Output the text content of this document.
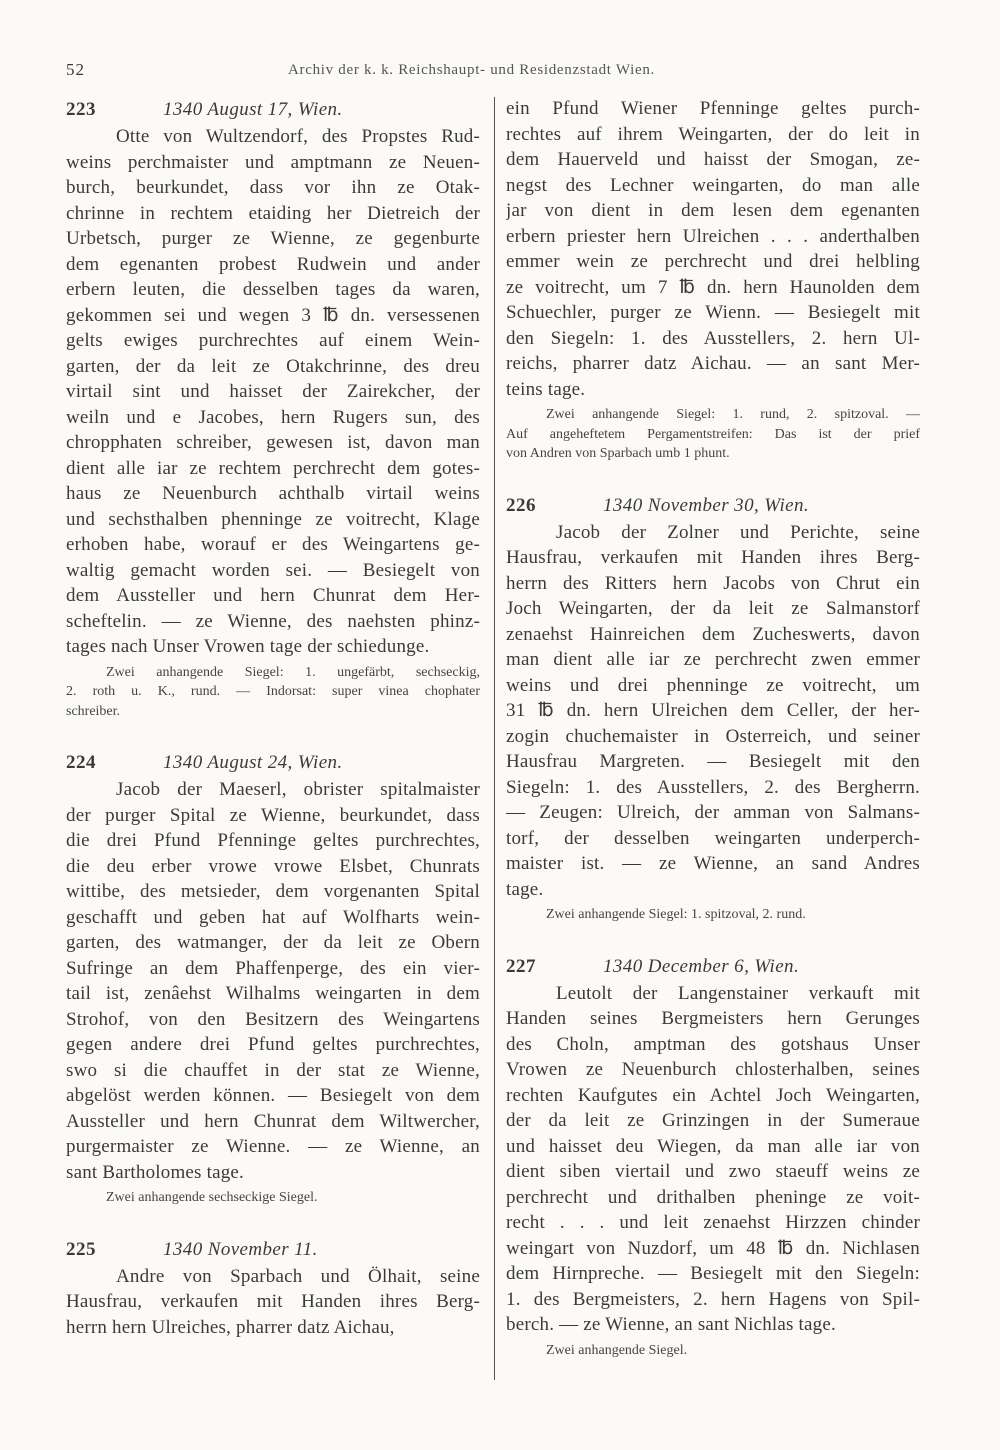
52	Archiv der k. k. Reichshaupt- und Residenzstadt Wien.
223	1340 August 17, Wien.
Otte von Wultzendorf, des Propstes Rud-
weins perchmaister und amptmann ze Neuen-
burch, beurkundet, dass vor ihn ze Otak-
chrinne in rechtem etaiding her Dietreich der
Urbetsch, purger ze Wienne, ze gegenburte
dem egenanten probest Rudwein und ander
erbern leuten, die desselben tages da waren,
gekommen sei und wegen 3 ℔ dn. versessenen
gelts ewiges purchrechtes auf einem Wein-
garten, der da leit ze Otakchrinne, des dreu
virtail sint und haisset der Zairekcher, der
weiln und e Jacobes, hern Rugers sun, des
chropphaten schreiber, gewesen ist, davon man
dient alle iar ze rechtem perchrecht dem gotes-
haus ze Neuenburch achthalb virtail weins
und sechsthalben phenninge ze voitrecht, Klage
erhoben habe, worauf er des Weingartens ge-
waltig gemacht worden sei. — Besiegelt von
dem Aussteller und hern Chunrat dem Her-
scheftelin. — ze Wienne, des naehsten phinz-
tages nach Unser Vrowen tage der schiedunge.
Zwei anhangende Siegel: 1. ungefärbt, sechseckig,
2. roth u. K., rund. — Indorsat: super vinea chophater
schreiber.
224	1340 August 24, Wien.
Jacob der Maeserl, obrister spitalmaister
der purger Spital ze Wienne, beurkundet, dass
die drei Pfund Pfenninge geltes purchrechtes,
die deu erber vrowe vrowe Elsbet, Chunrats
wittibe, des metsieder, dem vorgenanten Spital
geschafft und geben hat auf Wolfharts wein-
garten, des watmanger, der da leit ze Obern
Sufringe an dem Phaffenperge, des ein vier-
tail ist, zenâehst Wilhalms weingarten in dem
Strohof, von den Besitzern des Weingartens
gegen andere drei Pfund geltes purchrechtes,
swo si die chauffet in der stat ze Wienne,
abgelöst werden können. — Besiegelt von dem
Aussteller und hern Chunrat dem Wiltwercher,
purgermaister ze Wienne. — ze Wienne, an
sant Bartholomes tage.
Zwei anhangende sechseckige Siegel.
225	1340 November 11.
Andre von Sparbach und Ölhait, seine
Hausfrau, verkaufen mit Handen ihres Berg-
herrn hern Ulreiches, pharrer datz Aichau,
ein Pfund Wiener Pfenninge geltes purch-
rechtes auf ihrem Weingarten, der do leit in
dem Hauerveld und haisst der Smogan, ze-
negst des Lechner weingarten, do man alle
jar von dient in dem lesen dem egenanten
erbern priester hern Ulreichen . . . anderthalben
emmer wein ze perchrecht und drei helbling
ze voitrecht, um 7 ℔ dn. hern Haunolden dem
Schuechler, purger ze Wienn. — Besiegelt mit
den Siegeln: 1. des Ausstellers, 2. hern Ul-
reichs, pharrer datz Aichau. — an sant Mer-
teins tage.
Zwei anhangende Siegel: 1. rund, 2. spitzoval. —
Auf angeheftetem Pergamentstreifen: Das ist der prief
von Andren von Sparbach umb 1 phunt.
226	1340 November 30, Wien.
Jacob der Zolner und Perichte, seine
Hausfrau, verkaufen mit Handen ihres Berg-
herrn des Ritters hern Jacobs von Chrut ein
Joch Weingarten, der da leit ze Salmanstorf
zenaehst Hainreichen dem Zucheswerts, davon
man dient alle iar ze perchrecht zwen emmer
weins und drei phenninge ze voitrecht, um
31 ℔ dn. hern Ulreichen dem Celler, der her-
zogin chuchemaister in Osterreich, und seiner
Hausfrau Margreten. — Besiegelt mit den
Siegeln: 1. des Ausstellers, 2. des Bergherrn.
— Zeugen: Ulreich, der amman von Salmans-
torf, der desselben weingarten underperch-
maister ist. — ze Wienne, an sand Andres
tage.
Zwei anhangende Siegel: 1. spitzoval, 2. rund.
227	1340 December 6, Wien.
Leutolt der Langenstainer verkauft mit
Handen seines Bergmeisters hern Gerunges
des Choln, amptman des gotshaus Unser
Vrowen ze Neuenburch chlosterhalben, seines
rechten Kaufgutes ein Achtel Joch Weingarten,
der da leit ze Grinzingen in der Sumeraue
und haisset deu Wiegen, da man alle iar von
dient siben viertail und zwo staeuff weins ze
perchrecht und drithalben pheninge ze voit-
recht . . . und leit zenaehst Hirzzen chinder
weingart von Nuzdorf, um 48 ℔ dn. Nichlasen
dem Hirnpreche. — Besiegelt mit den Siegeln:
1. des Bergmeisters, 2. hern Hagens von Spil-
berch. — ze Wienne, an sant Nichlas tage.
Zwei anhangende Siegel.
